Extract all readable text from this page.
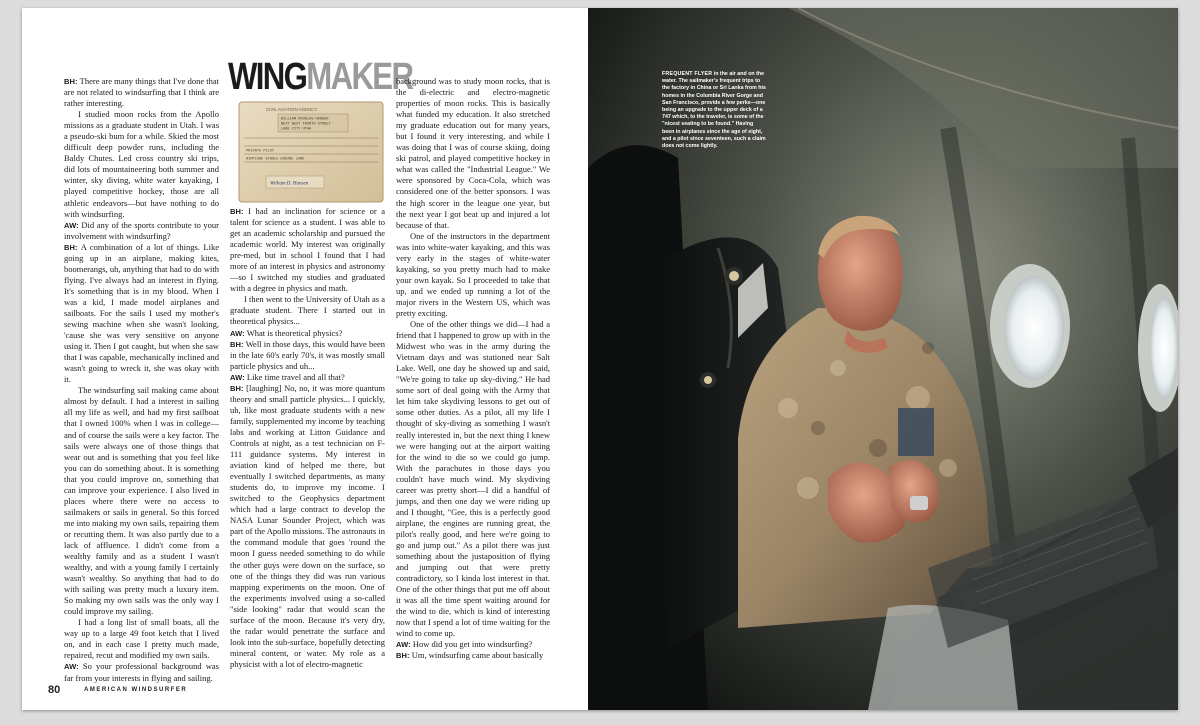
BH: There are many things that I've done that are not related to windsurfing that I think are rather interesting.

I studied moon rocks from the Apollo missions as a graduate student in Utah. I was a pseudo-ski bum for a while. Skied the most difficult deep powder runs, including the Baldy Chutes. Led cross country ski trips, did lots of mountaineering both summer and winter, sky diving, white water kayaking, I played competitive hockey, those are all athletic endeavors—but have nothing to do with windsurfing.

AW: Did any of the sports contribute to your involvement with windsurfing?

BH: A combination of a lot of things. Like going up in an airplane, making kites, boomerangs, uh, anything that had to do with flying. I've always had an interest in flying. It's something that is in my blood. When I was a kid, I made model airplanes and sailboats. For the sails I used my mother's sewing machine when she wasn't looking, 'cause she was very sensitive on anyone using it. Then I got caught, but when she saw that I was capable, mechanically inclined and wasn't going to wreck it, she was okay with it.

The windsurfing sail making came about almost by default. I had a interest in sailing all my life as well, and had my first sailboat that I owned 100% when I was in college—and of course the sails were a key factor. The sails were always one of those things that wear out and is something that you feel like you can do something about. It is something that you could improve on, something that can improve your experience. I also lived in places where there were no access to sailmakers or sails in general. So this forced me into making my own sails, repairing them or recutting them. It was also partly due to a lack of affluence. I didn't come from a wealthy family and as a student I wasn't wealthy, and with a young family I certainly wasn't wealthy. So anything that had to do with sailing was pretty much a luxury item. So making my own sails was the only way I could improve my sailing.

I had a long list of small boats, all the way up to a large 49 foot ketch that I lived on, and in each case I pretty much made, repaired, recut and modified my own sails.

AW: So your professional background was far from your interests in flying and sailing.

WINGMAKER
CIVIL AVIATION AGENCY
WILLIAM DOUGLAS HANSEN
NEXT WEST FOURTH STREET
LAKE CITY UTAH
PRIVATE PILOT
AIRPLANE SINGLE ENGINE LAND
William D. Hansen

BH: I had an inclination for science or a talent for science as a student. I was able to get an academic scholarship and pursued the academic world. My interest was originally pre-med, but in school I found that I had more of an interest in physics and astronomy—so I switched my studies and graduated with a degree in physics and math.

I then went to the University of Utah as a graduate student. There I started out in theoretical physics...

AW: What is theoretical physics?

BH: Well in those days, this would have been in the late 60's early 70's, it was mostly small particle physics and uh...

AW: Like time travel and all that?

BH: [laughing] No, no, it was more quantum theory and small particle physics... I quickly, uh, like most graduate students with a new family, supplemented my income by teaching labs and working at Litton Guidance and Controls at night, as a test technician on F-111 guidance systems. My interest in aviation kind of helped me there, but eventually I switched departments, as many students do, to improve my income. I switched to the Geophysics department which had a large contract to develop the NASA Lunar Sounder Project, which was part of the Apollo missions. The astronauts in the command module that goes 'round the moon I guess needed something to do while the other guys were down on the surface, so one of the things they did was run various mapping experiments on the moon. One of the experiments involved using a so-called "side looking" radar that would scan the surface of the moon. Because it's very dry, the radar would penetrate the surface and look into the sub-surface, hopefully detecting mineral content, or water. My role as a physicist with a lot of electro-magnetic

background was to study moon rocks, that is the di-electric and electro-magnetic properties of moon rocks. This is basically what funded my education. It also stretched my graduate education out for many years, but I found it very interesting, and while I was doing that I was of course skiing, doing ski patrol, and played competitive hockey in what was called the "Industrial League." We were sponsored by Coca-Cola, which was considered one of the better sponsors. I was the high scorer in the league one year, but the next year I got beat up and injured a lot because of that.

One of the instructors in the department was into white-water kayaking, and this was very early in the stages of white-water kayaking, so you pretty much had to make your own kayak. So I proceeded to take that up, and we ended up running a lot of the major rivers in the Western US, which was pretty exciting.

One of the other things we did—I had a friend that I happened to grow up with in the Midwest who was in the army during the Vietnam days and was stationed near Salt Lake. Well, one day he showed up and said, "We're going to take up sky-diving." He had some sort of deal going with the Army that let him take skydiving lessons to get out of some other duties. As a pilot, all my life I thought of sky-diving as something I wasn't really interested in, but the next thing I knew we were hanging out at the airport waiting for the wind to die so we could go jump. With the parachutes in those days you couldn't have much wind. My skydiving career was pretty short—I did a handful of jumps, and then one day we were riding up and I thought, "Gee, this is a perfectly good airplane, the engines are running great, the pilot's really good, and here we're going to go and jump out." As a pilot there was just something about the justaposition of flying and jumping out that were pretty contradictory, so I kinda lost interest in that. One of the other things that put me off about it was all the time spent waiting around for the wind to die, which is kind of interesting now that I spend a lot of time waiting for the wind to come up.

AW: How did you get into windsurfing?

BH: Um, windsurfing came about basically

80	AMERICAN WINDSURFER
FREQUENT FLYER in the air and on the water. The sailmaker's frequent trips to the factory in China or Sri Lanka from his homes in the Columbia River Gorge and San Francisco, provide a few perks—one being an upgrade to the upper deck of a 747 which, to the traveler, is some of the "nicest seating to be found." Having been in airplanes since the age of eight, and a pilot since seventeen, such a claim does not come lightly.
